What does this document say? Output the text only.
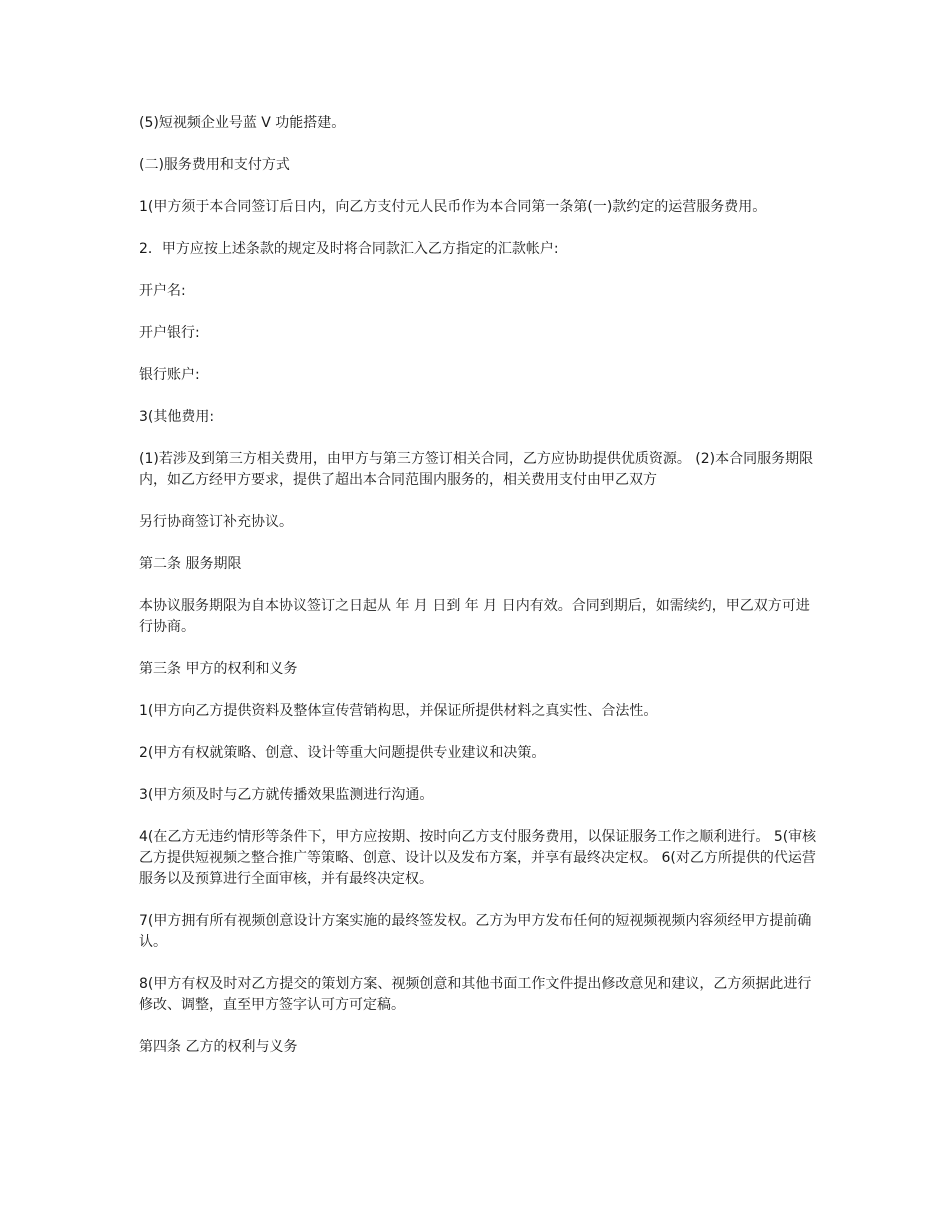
(5)短视频企业号蓝 V 功能搭建。

(二)服务费用和支付方式

1(甲方须于本合同签订后日内，向乙方支付元人民币作为本合同第一条第(一)款约定的运营服务费用。

2．甲方应按上述条款的规定及时将合同款汇入乙方指定的汇款帐户:

开户名:

开户银行:

银行账户:

3(其他费用:

(1)若涉及到第三方相关费用，由甲方与第三方签订相关合同，乙方应协助提供优质资源。 (2)本合同服务期限内，如乙方经甲方要求，提供了超出本合同范围内服务的，相关费用支付由甲乙双方

另行协商签订补充协议。

第二条 服务期限

本协议服务期限为自本协议签订之日起从 年 月 日到 年 月 日内有效。合同到期后，如需续约，甲乙双方可进行协商。

第三条 甲方的权利和义务

1(甲方向乙方提供资料及整体宣传营销构思，并保证所提供材料之真实性、合法性。

2(甲方有权就策略、创意、设计等重大问题提供专业建议和决策。

3(甲方须及时与乙方就传播效果监测进行沟通。

4(在乙方无违约情形等条件下，甲方应按期、按时向乙方支付服务费用，以保证服务工作之顺利进行。 5(审核乙方提供短视频之整合推广等策略、创意、设计以及发布方案，并享有最终决定权。 6(对乙方所提供的代运营服务以及预算进行全面审核，并有最终决定权。

7(甲方拥有所有视频创意设计方案实施的最终签发权。乙方为甲方发布任何的短视频视频内容须经甲方提前确认。

8(甲方有权及时对乙方提交的策划方案、视频创意和其他书面工作文件提出修改意见和建议，乙方须据此进行修改、调整，直至甲方签字认可方可定稿。

第四条 乙方的权利与义务
